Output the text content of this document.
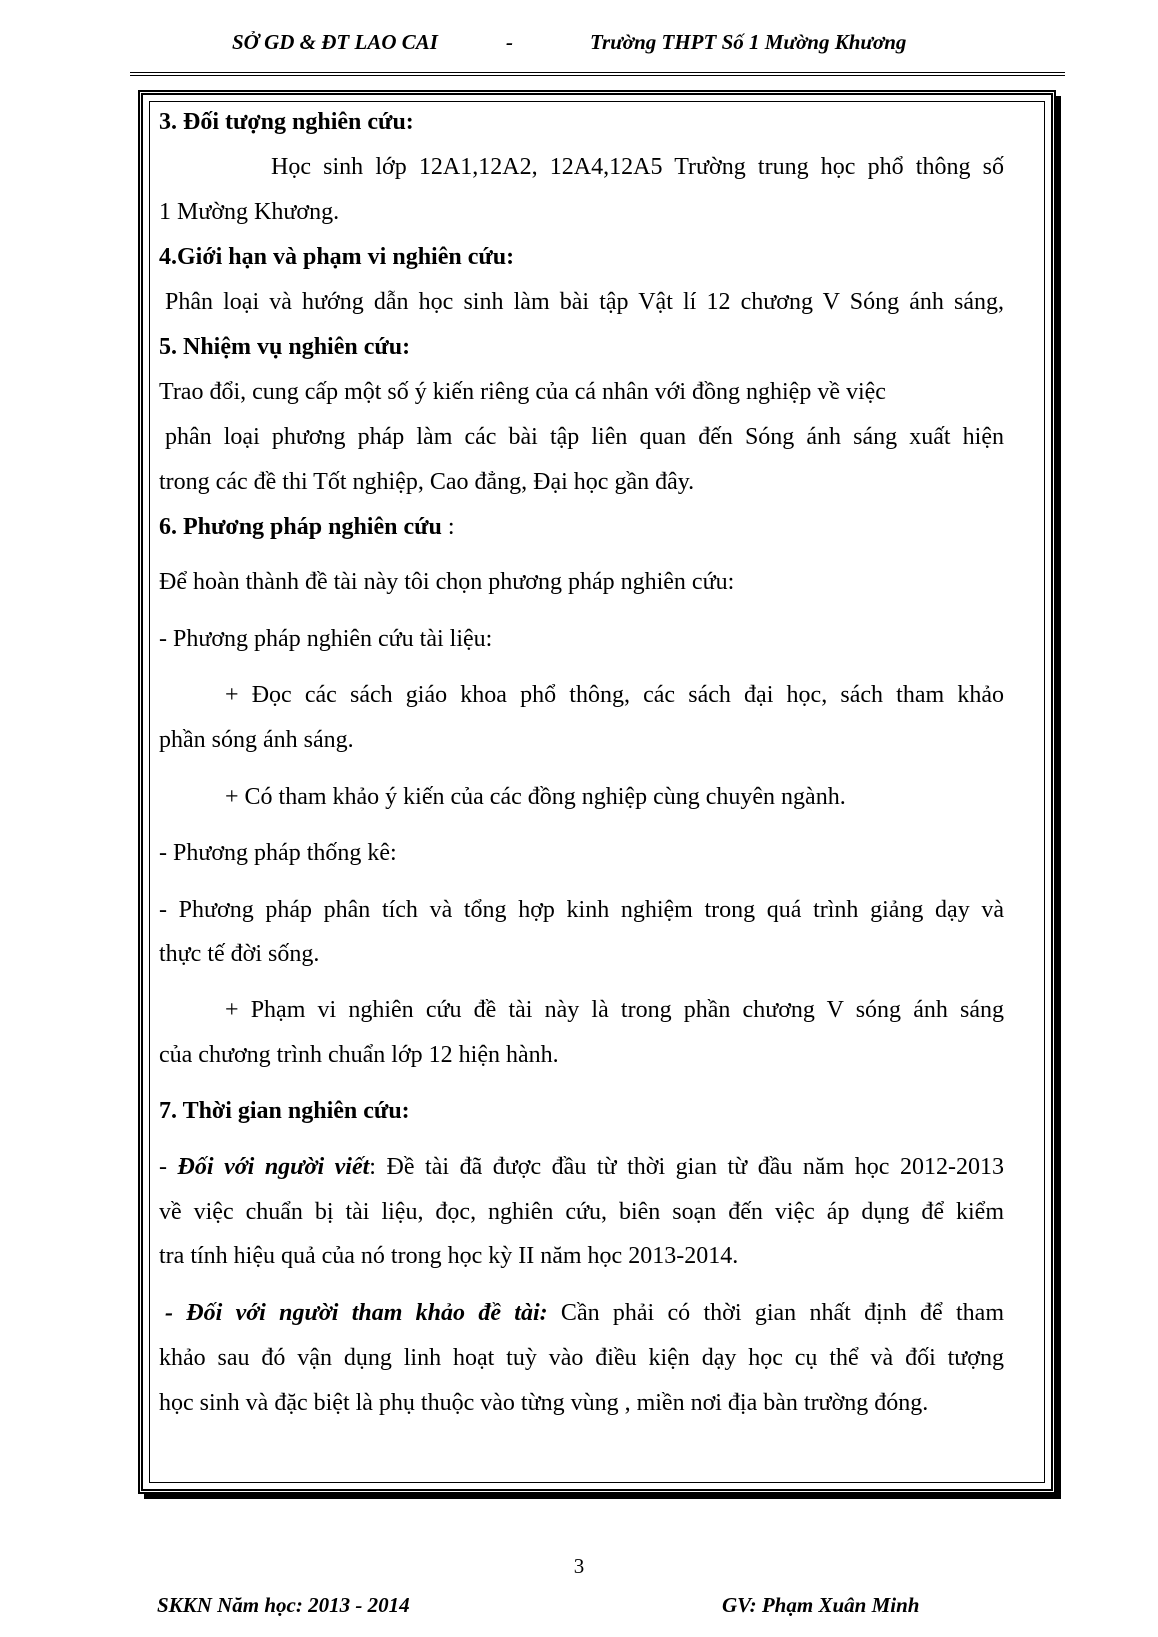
SỞ GD & ĐT LAO CAI	-	Trường THPT Số 1 Mường Khương
3. Đối tượng nghiên cứu:
Học sinh lớp 12A1,12A2, 12A4,12A5 Trường trung học phổ thông số
1 Mường Khương.
4.Giới hạn và phạm vi nghiên cứu:
Phân loại và hướng dẫn học sinh làm bài tập Vật lí 12 chương V Sóng ánh sáng,
5. Nhiệm vụ nghiên cứu:
Trao đổi, cung cấp một số ý kiến riêng của cá nhân với đồng nghiệp về việc
phân loại phương pháp làm các bài tập liên quan đến Sóng ánh sáng xuất hiện
trong các đề thi Tốt nghiệp, Cao đẳng, Đại học gần đây.
6. Phương pháp nghiên cứu :
Để hoàn thành đề tài này tôi chọn phương pháp nghiên cứu:
- Phương pháp nghiên cứu tài liệu:
+ Đọc các sách giáo khoa phổ thông, các sách đại học, sách tham khảo
phần sóng ánh sáng.
+ Có tham khảo ý kiến của các đồng nghiệp cùng chuyên ngành.
- Phương pháp thống kê:
- Phương pháp phân tích và tổng hợp kinh nghiệm trong quá trình giảng dạy và
thực tế đời sống.
+ Phạm vi nghiên cứu đề tài này là trong phần chương V sóng ánh sáng
của chương trình chuẩn lớp 12 hiện hành.
7. Thời gian nghiên cứu:
- Đối với người viết: Đề tài đã được đầu từ thời gian từ đầu năm học 2012-2013
về việc chuẩn bị tài liệu, đọc, nghiên cứu, biên soạn đến việc áp dụng để kiểm
tra tính hiệu quả của nó trong học kỳ II năm học 2013-2014.
- Đối với người tham khảo đề tài: Cần phải có thời gian nhất định để tham
khảo sau đó vận dụng linh hoạt tuỳ vào điều kiện dạy học cụ thể và đối tượng
học sinh và đặc biệt là phụ thuộc vào từng vùng , miền nơi địa bàn trường đóng.
3
SKKN Năm học: 2013 - 2014	GV: Phạm Xuân Minh
